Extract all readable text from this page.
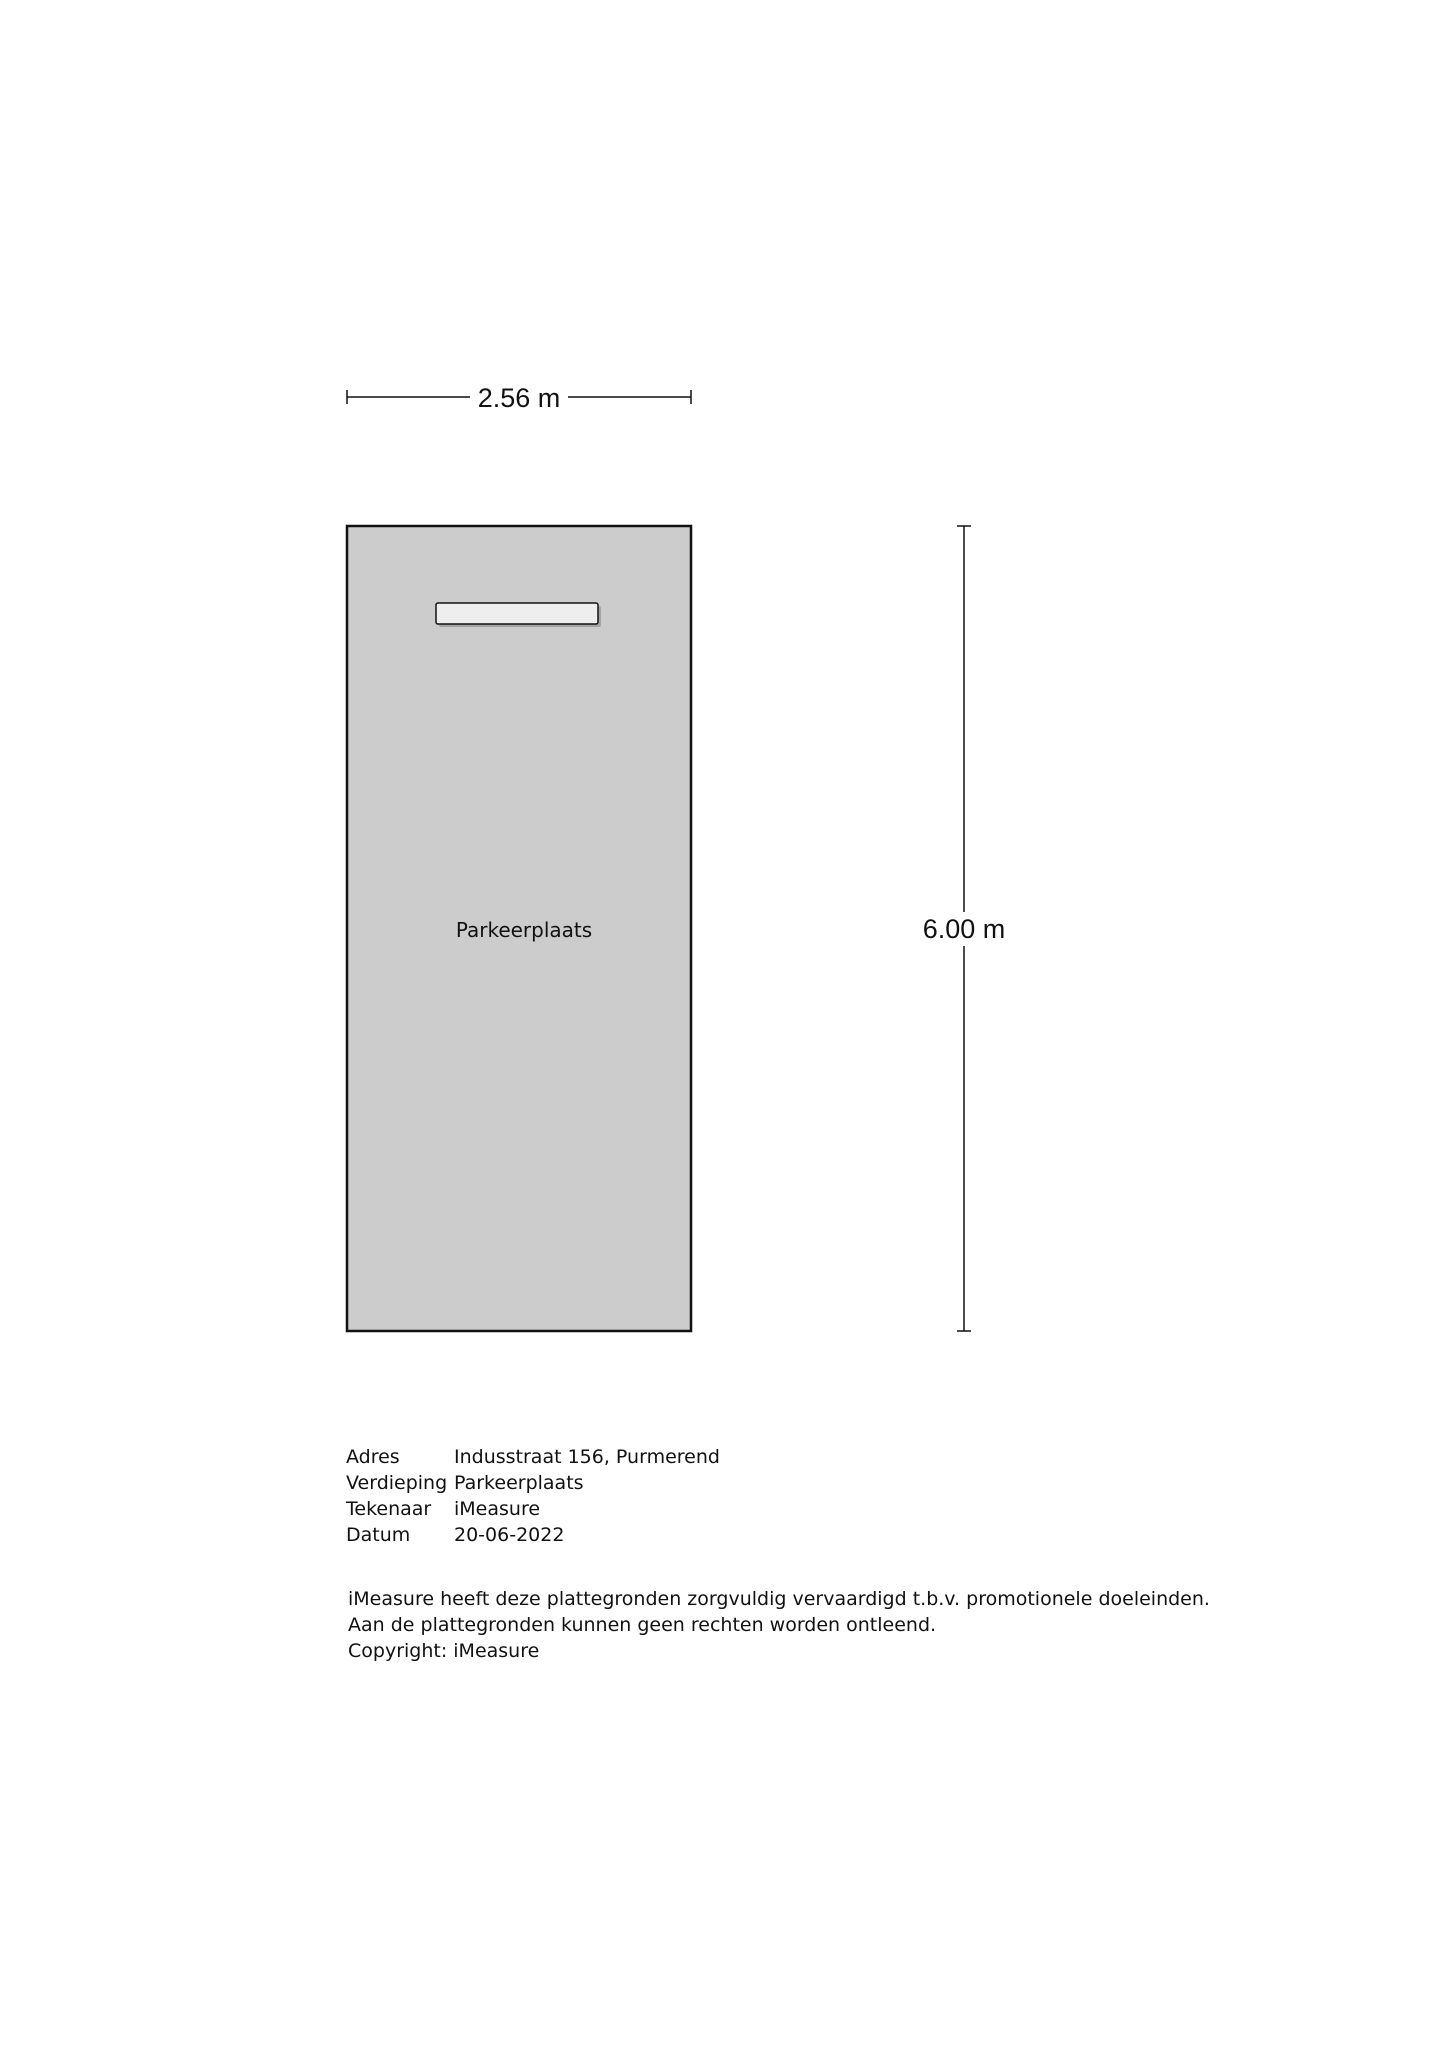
2.56 m
Parkeerplaats	6.00 m
Adres	Indusstraat 156, Purmerend
Verdieping	Parkeerplaats
Tekenaar	iMeasure
Datum	20-06-2022
iMeasure heeft deze plattegronden zorgvuldig vervaardigd t.b.v. promotionele doeleinden.
Aan de plattegronden kunnen geen rechten worden ontleend.
Copyright: iMeasure
